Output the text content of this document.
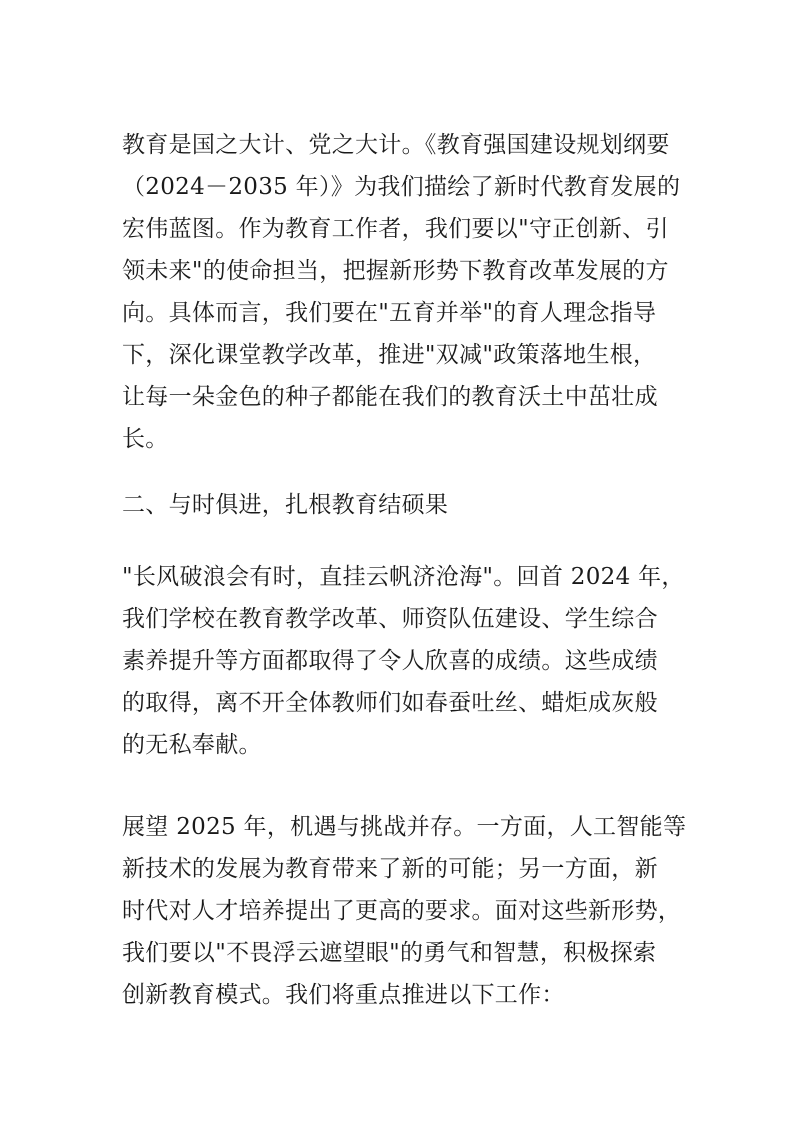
教育是国之大计、党之大计。《教育强国建设规划纲要
（2024－2035 年）》为我们描绘了新时代教育发展的
宏伟蓝图。作为教育工作者，我们要以"守正创新、引
领未来"的使命担当，把握新形势下教育改革发展的方
向。具体而言，我们要在"五育并举"的育人理念指导
下，深化课堂教学改革，推进"双减"政策落地生根，
让每一朵金色的种子都能在我们的教育沃土中茁壮成
长。
二、与时俱进，扎根教育结硕果
"长风破浪会有时，直挂云帆济沧海"。回首 2024 年，
我们学校在教育教学改革、师资队伍建设、学生综合
素养提升等方面都取得了令人欣喜的成绩。这些成绩
的取得，离不开全体教师们如春蚕吐丝、蜡炬成灰般
的无私奉献。
展望 2025 年，机遇与挑战并存。一方面，人工智能等
新技术的发展为教育带来了新的可能；另一方面，新
时代对人才培养提出了更高的要求。面对这些新形势，
我们要以"不畏浮云遮望眼"的勇气和智慧，积极探索
创新教育模式。我们将重点推进以下工作：
